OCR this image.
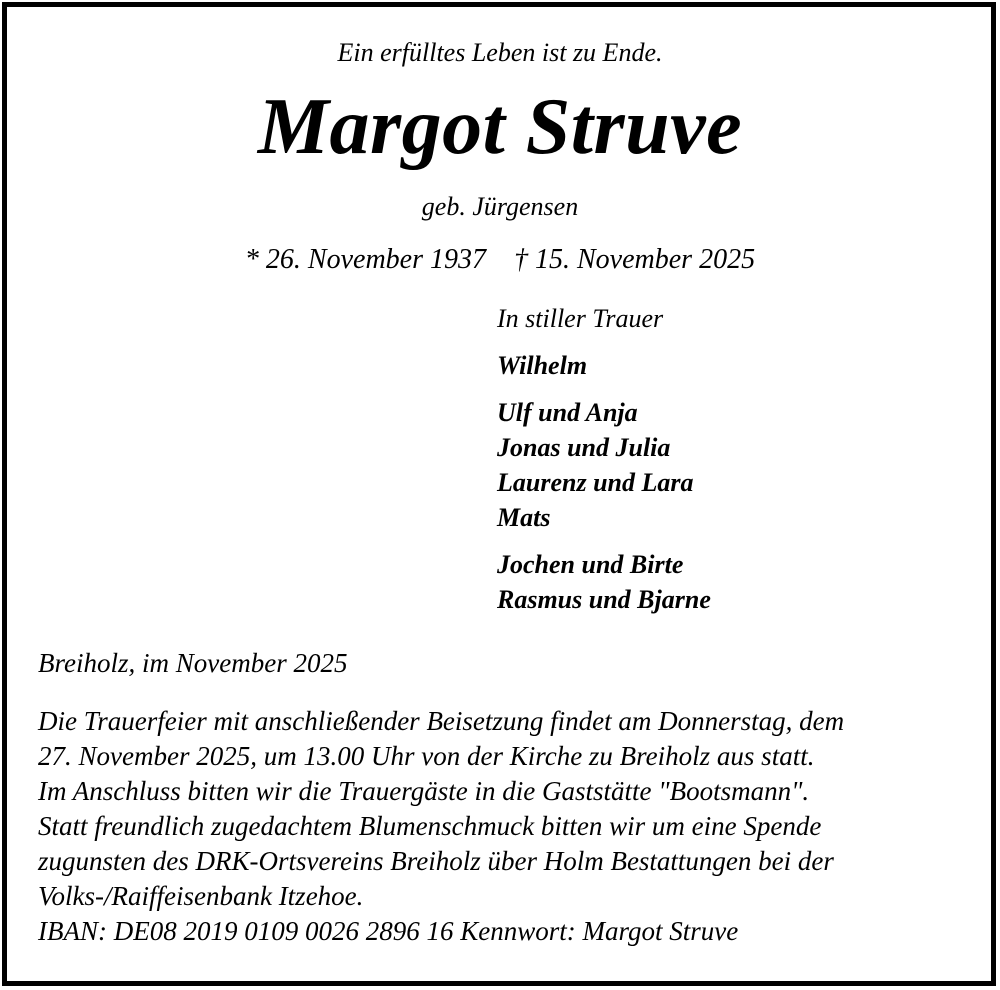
Ein erfülltes Leben ist zu Ende.
Margot Struve
geb. Jürgensen
* 26. November 1937 † 15. November 2025
In stiller Trauer
Wilhelm
Ulf und Anja
Jonas und Julia
Laurenz und Lara
Mats
Jochen und Birte
Rasmus und Bjarne
Breiholz, im November 2025
Die Trauerfeier mit anschließender Beisetzung findet am Donnerstag, dem
27. November 2025, um 13.00 Uhr von der Kirche zu Breiholz aus statt.
Im Anschluss bitten wir die Trauergäste in die Gaststätte "Bootsmann".
Statt freundlich zugedachtem Blumenschmuck bitten wir um eine Spende
zugunsten des DRK-Ortsvereins Breiholz über Holm Bestattungen bei der
Volks-/Raiffeisenbank Itzehoe.
IBAN: DE08 2019 0109 0026 2896 16 Kennwort: Margot Struve
